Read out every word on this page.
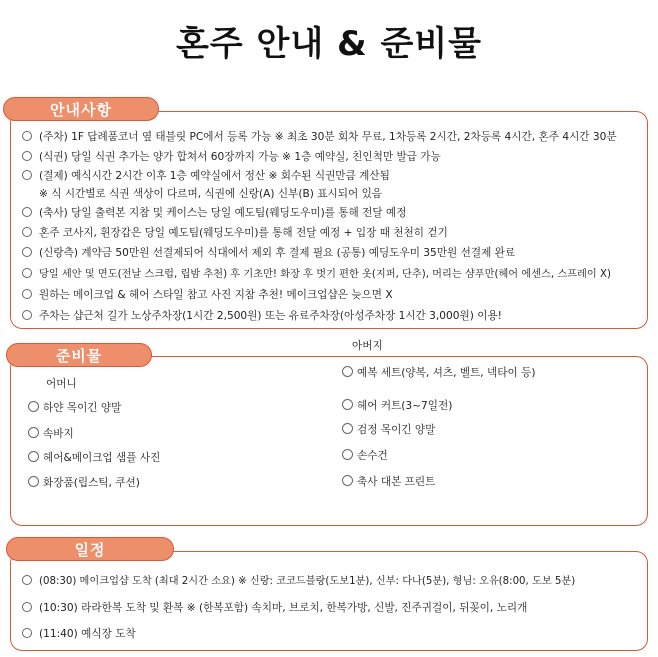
혼주 안내 & 준비물
안내사항
(주차) 1F 답례품코너 옆 태블릿 PC에서 등록 가능 ※ 최초 30분 회차 무료, 1차등록 2시간, 2차등록 4시간, 혼주 4시간 30분
(식권) 당일 식권 추가는 양가 합쳐서 60장까지 가능 ※ 1층 예약실, 친인척만 발급 가능
(결제) 예식시간 2시간 이후 1층 예약실에서 정산 ※ 회수된 식권만큼 계산됨
※ 식 시간별로 식권 색상이 다르며, 식권에 신랑(A) 신부(B) 표시되어 있음
(축사) 당일 출력본 지참 및 케이스는 당일 예도팀(웨딩도우미)를 통해 전달 예정
혼주 코사지, 휜장갑은 당일 예도팀(웨딩도우미)를 통해 전달 예정 + 입장 때 천천히 걷기
(신랑측) 계약금 50만원 선결제되어 식대에서 제외 후 결제 필요 (공통) 예딩도우미 35만원 선결제 완료
당일 세안 및 면도(전날 스크럽, 립밤 추천) 후 기초만! 화장 후 벗기 편한 옷(지퍼, 단추), 머리는 샴푸만(헤어 에센스, 스프레이 X)
원하는 메이크업 & 헤어 스타일 참고 사진 지참 추천! 메이크업샵은 늦으면 X
주차는 샵근처 길가 노상주차장(1시간 2,500원) 또는 유료주차장(아성주차장 1시간 3,000원) 이용!
준비물
아버지
어머니
하얀 목이긴 양말
속바지
헤어&메이크업 샘플 사진
화장품(립스틱, 쿠션)
예복 세트(양복, 셔츠, 벨트, 넥타이 등)
헤어 커트(3~7일전)
검정 목이긴 양말
손수건
축사 대본 프린트
일정
(08:30) 메이크업샵 도착 (최대 2시간 소요) ※ 신랑: 코코드블랑(도보1분), 신부: 다나(5분), 형님: 오유(8:00, 도보 5분)
(10:30) 라라한복 도착 및 환복 ※ (한복포함) 속치마, 브로치, 한복가방, 신발, 진주귀걸이, 뒤꽂이, 노리개
(11:40) 예식장 도착
